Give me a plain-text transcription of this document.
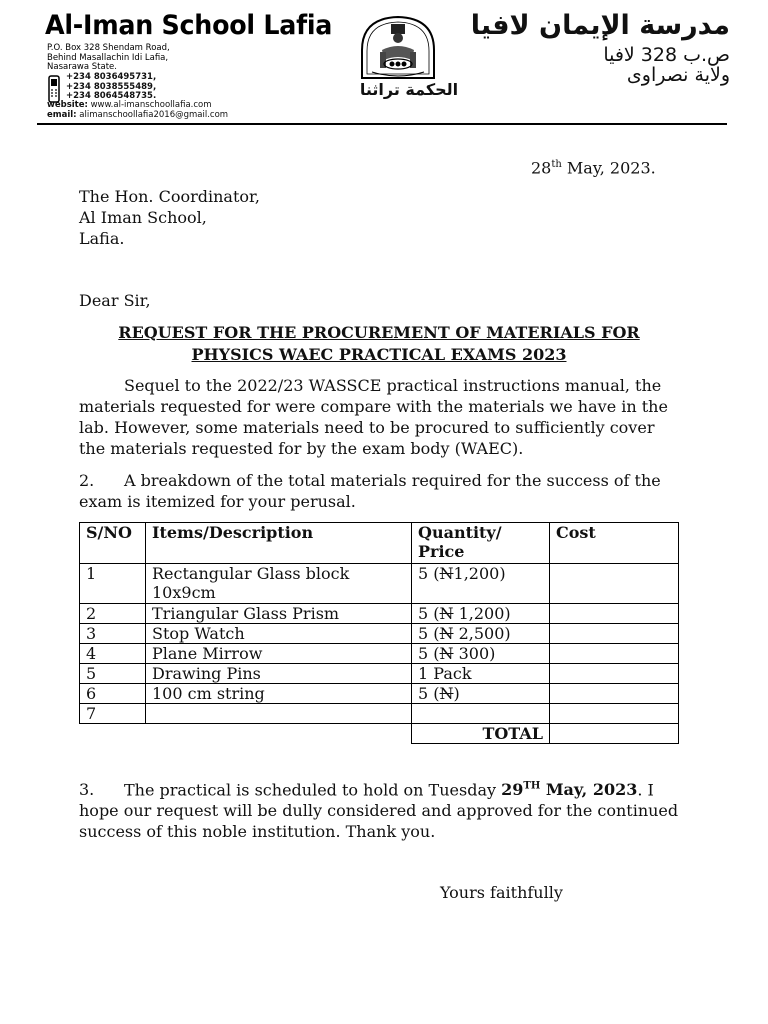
Al-Iman School Lafia
P.O. Box 328 Shendam Road,
Behind Masallachin Idi Lafia,
Nasarawa State.
+234 8036495731,
+234 8038555489,
+234 8064548735.
website: www.al-imanschoollafia.com
email: alimanschoollafia2016@gmail.com
الحكمة تراثنا
مدرسة الإيمان لافيا
ص.ب 328 لافيا
ولاية نصراوى
28th May, 2023.
The Hon. Coordinator,
Al Iman School,
Lafia.
Dear Sir,
REQUEST FOR THE PROCUREMENT OF MATERIALS FOR
PHYSICS WAEC PRACTICAL EXAMS 2023
Sequel to the 2022/23 WASSCE practical instructions manual, the materials requested for were compare with the materials we have in the lab. However, some materials need to be procured to sufficiently cover the materials requested for by the exam body (WAEC).
2. A breakdown of the total materials required for the success of the exam is itemized for your perusal.
S/NO	Items/Description	Quantity/ Price	Cost
1	Rectangular Glass block 10x9cm	5 (N1,200)	
2	Triangular Glass Prism	5 (N 1,200)	
3	Stop Watch	5 (N 2,500)	
4	Plane Mirrow	5 (N 300)	
5	Drawing Pins	1 Pack	
6	100 cm string	5 (N)	
7			
		TOTAL	
3. The practical is scheduled to hold on Tuesday 29TH May, 2023. I hope our request will be dully considered and approved for the continued success of this noble institution. Thank you.
Yours faithfully
